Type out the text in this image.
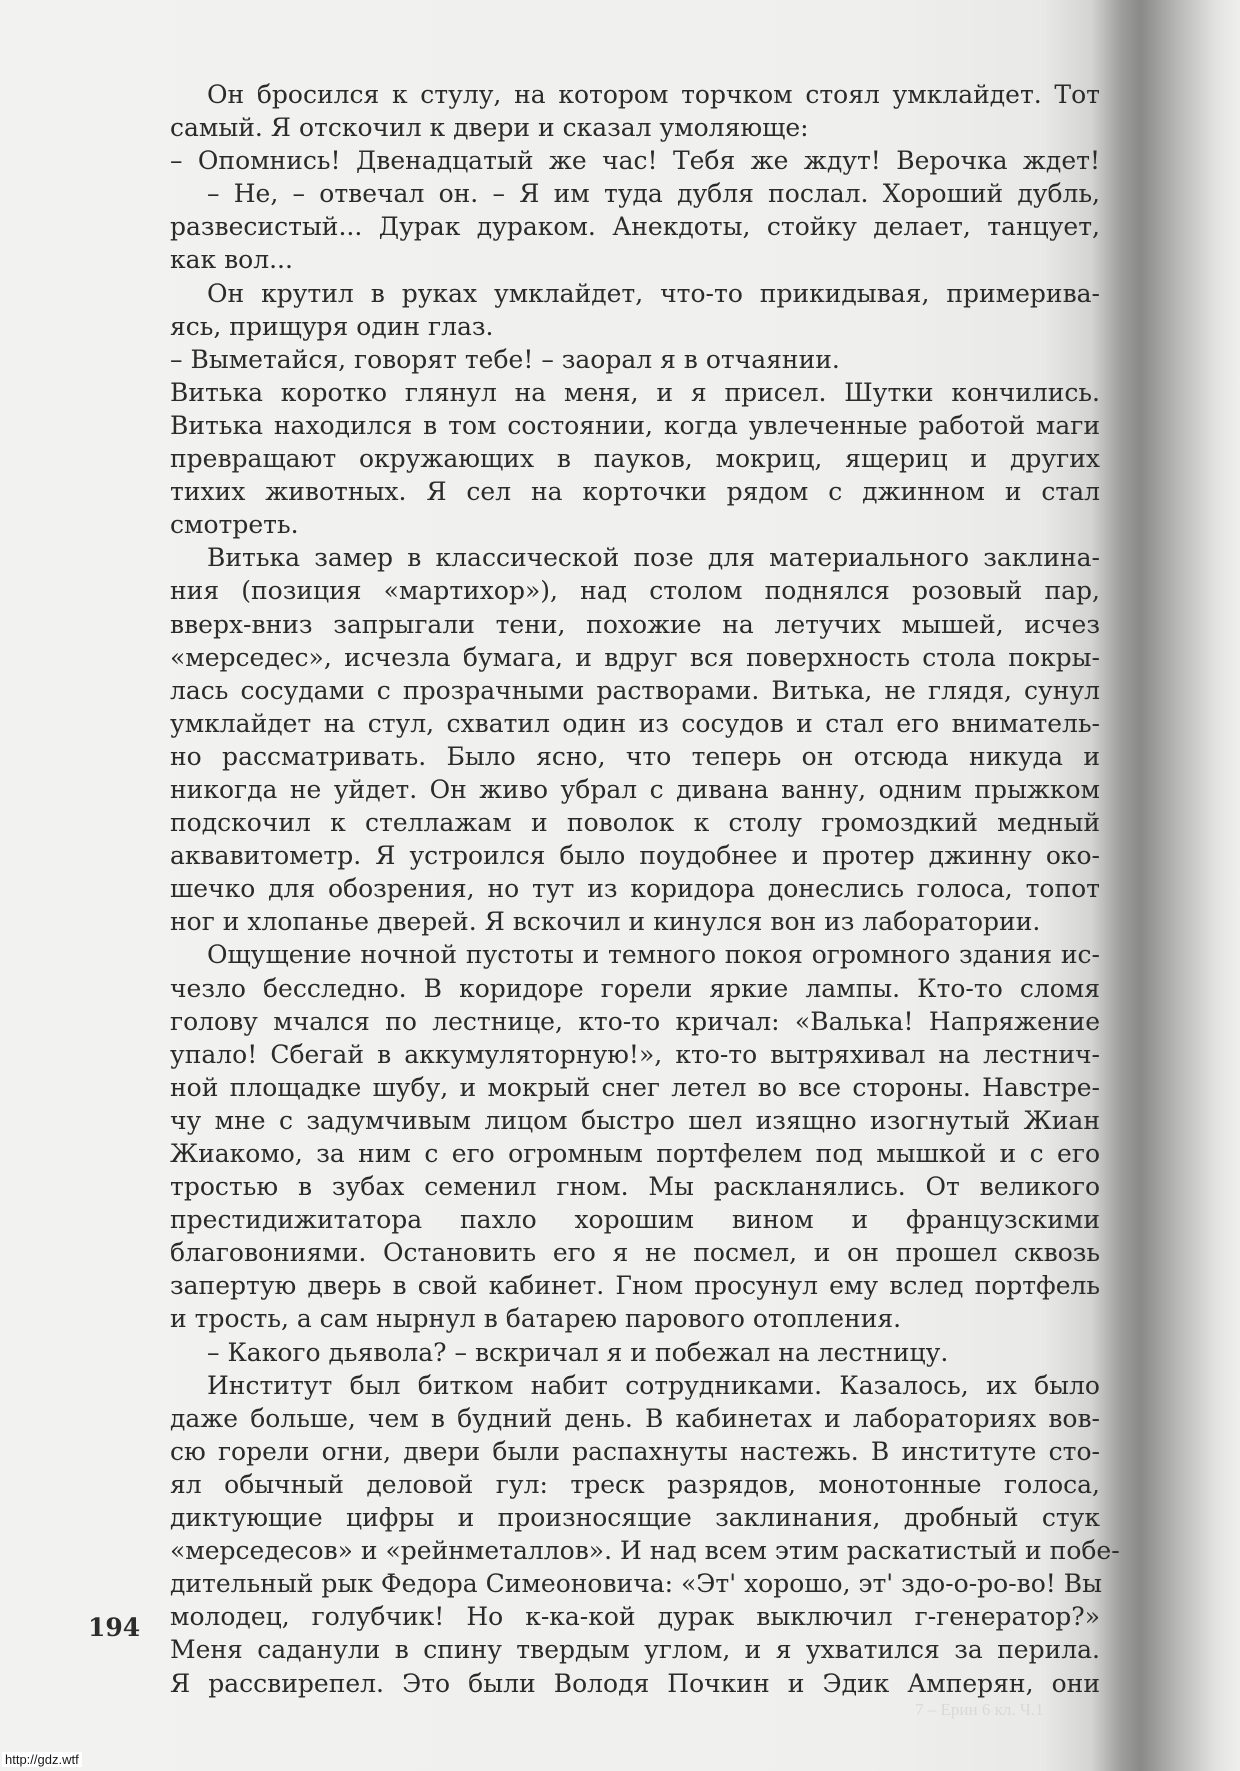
Он бросился к стулу, на котором торчком стоял умклайдет. Тот
самый. Я отскочил к двери и сказал умоляюще:
– Опомнись! Двенадцатый же час! Тебя же ждут! Верочка ждет!
– Не, – отвечал он. – Я им туда дубля послал. Хороший дубль,
развесистый... Дурак дураком. Анекдоты, стойку делает, танцует,
как вол...
Он крутил в руках умклайдет, что-то прикидывая, примерива-
ясь, прищуря один глаз.
– Выметайся, говорят тебе! – заорал я в отчаянии.
Витька коротко глянул на меня, и я присел. Шутки кончились.
Витька находился в том состоянии, когда увлеченные работой маги
превращают окружающих в пауков, мокриц, ящериц и других
тихих животных. Я сел на корточки рядом с джинном и стал
смотреть.
Витька замер в классической позе для материального заклина-
ния (позиция «мартихор»), над столом поднялся розовый пар,
вверх-вниз запрыгали тени, похожие на летучих мышей, исчез
«мерседес», исчезла бумага, и вдруг вся поверхность стола покры-
лась сосудами с прозрачными растворами. Витька, не глядя, сунул
умклайдет на стул, схватил один из сосудов и стал его вниматель-
но рассматривать. Было ясно, что теперь он отсюда никуда и
никогда не уйдет. Он живо убрал с дивана ванну, одним прыжком
подскочил к стеллажам и поволок к столу громоздкий медный
аквавитометр. Я устроился было поудобнее и протер джинну око-
шечко для обозрения, но тут из коридора донеслись голоса, топот
ног и хлопанье дверей. Я вскочил и кинулся вон из лаборатории.
Ощущение ночной пустоты и темного покоя огромного здания ис-
чезло бесследно. В коридоре горели яркие лампы. Кто-то сломя
голову мчался по лестнице, кто-то кричал: «Валька! Напряжение
упало! Сбегай в аккумуляторную!», кто-то вытряхивал на лестнич-
ной площадке шубу, и мокрый снег летел во все стороны. Навстре-
чу мне с задумчивым лицом быстро шел изящно изогнутый Жиан
Жиакомо, за ним с его огромным портфелем под мышкой и с его
тростью в зубах семенил гном. Мы раскланялись. От великого
престидижитатора пахло хорошим вином и французскими
благовониями. Остановить его я не посмел, и он прошел сквозь
запертую дверь в свой кабинет. Гном просунул ему вслед портфель
и трость, а сам нырнул в батарею парового отопления.
– Какого дьявола? – вскричал я и побежал на лестницу.
Институт был битком набит сотрудниками. Казалось, их было
даже больше, чем в будний день. В кабинетах и лабораториях вов-
сю горели огни, двери были распахнуты настежь. В институте сто-
ял обычный деловой гул: треск разрядов, монотонные голоса,
диктующие цифры и произносящие заклинания, дробный стук
«мерседесов» и «рейнметаллов». И над всем этим раскатистый и побе-
дительный рык Федора Симеоновича: «Эт' хорошо, эт' здо-о-ро-во! Вы
молодец, голубчик! Но к-ка-кой дурак выключил г-генератор?»
Меня саданули в спину твердым углом, и я ухватился за перила.
Я рассвирепел. Это были Володя Почкин и Эдик Амперян, они
194
7 – Ерин 6 кл. Ч.1
http://gdz.wtf
